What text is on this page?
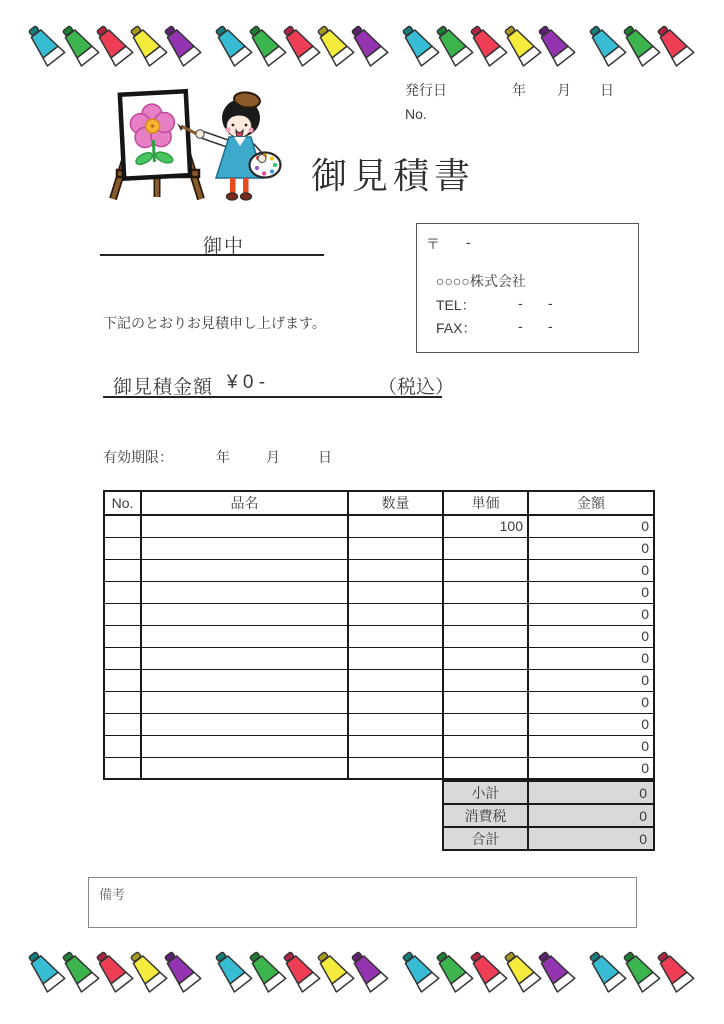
発行日	年 月 日
No.
御見積書
御中	〒 -
○○○○株式会社
TEL：	- -
FAX：	- -
下記のとおりお見積申し上げます。
御見積金額 ¥ 0 -	（税込）
有効期限：	年	月	日
No.	品名	数量	単価	金額
			100	0
				0
				0
				0
				0
				0
				0
				0
				0
				0
				0
				0
小計	0
消費税	0
合計	0
備考
